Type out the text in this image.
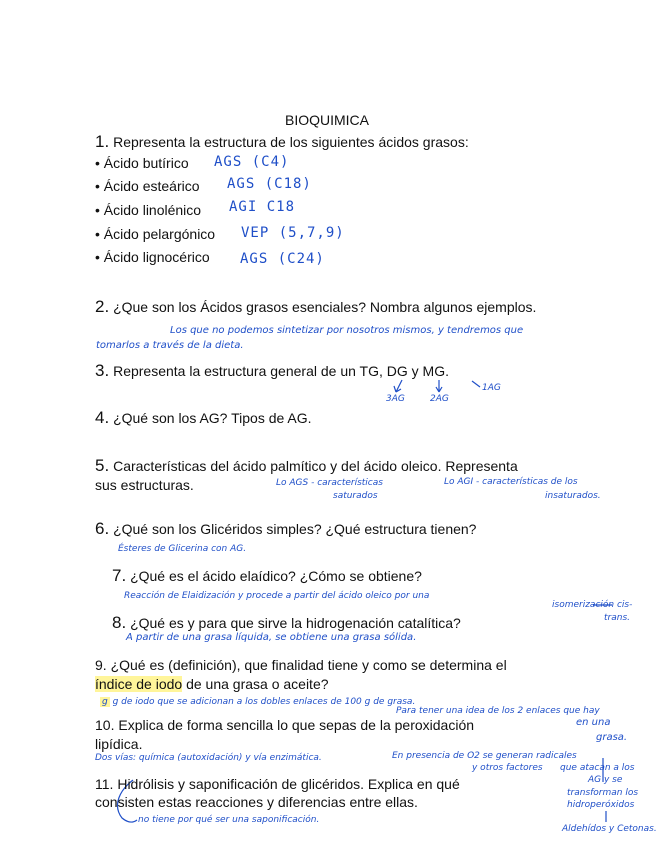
BIOQUIMICA
1. Representa la estructura de los siguientes ácidos grasos:
• Ácido butírico AGS (C4)
• Ácido esteárico AGS (C18)
• Ácido linolénico AGI C18
• Ácido pelargónico VEP (5,7,9)
• Ácido lignocérico AGS (C24)
2. ¿Que son los Ácidos grasos esenciales? Nombra algunos ejemplos.
Los que no podemos sintetizar por nosotros mismos, y tendremos que
tomarlos a través de la dieta.
3. Representa la estructura general de un TG, DG y MG.
3AG	2AG
1AG
4. ¿Qué son los AG? Tipos de AG.
5. Características del ácido palmítico y del ácido oleico. Representa
sus estructuras.	Lo AGS - características
saturados
Lo AGI - características de los
insaturados.
6. ¿Qué son los Glicéridos simples? ¿Qué estructura tienen?
Ésteres de Glicerina con AG.
7. ¿Qué es el ácido elaídico? ¿Cómo se obtiene?
Reacción de Elaidización y procede a partir del ácido oleico por una
isomerización cis-
trans.
8. ¿Qué es y para que sirve la hidrogenación catalítica?
A partir de una grasa líquida, se obtiene una grasa sólida.
9. ¿Qué es (definición), que finalidad tiene y como se determina el
índice de iodo de una grasa o aceite?
g g de iodo que se adicionan a los dobles enlaces de 100 g de grasa.
Para tener una idea de los 2 enlaces que hay
10. Explica de forma sencilla lo que sepas de la peroxidación
lipídica.
en una
grasa.
Dos vías: química (autoxidación) y vía enzimática.	En presencia de O2 se generan radicales
y otros factores que atacan a los
11. Hidrólisis y saponificación de glicéridos. Explica en qué
consisten estas reacciones y diferencias entre ellas.
no tiene por qué ser una saponificación.
AG y se
transforman los
hidroperóxidos
Aldehídos y Cetonas.
